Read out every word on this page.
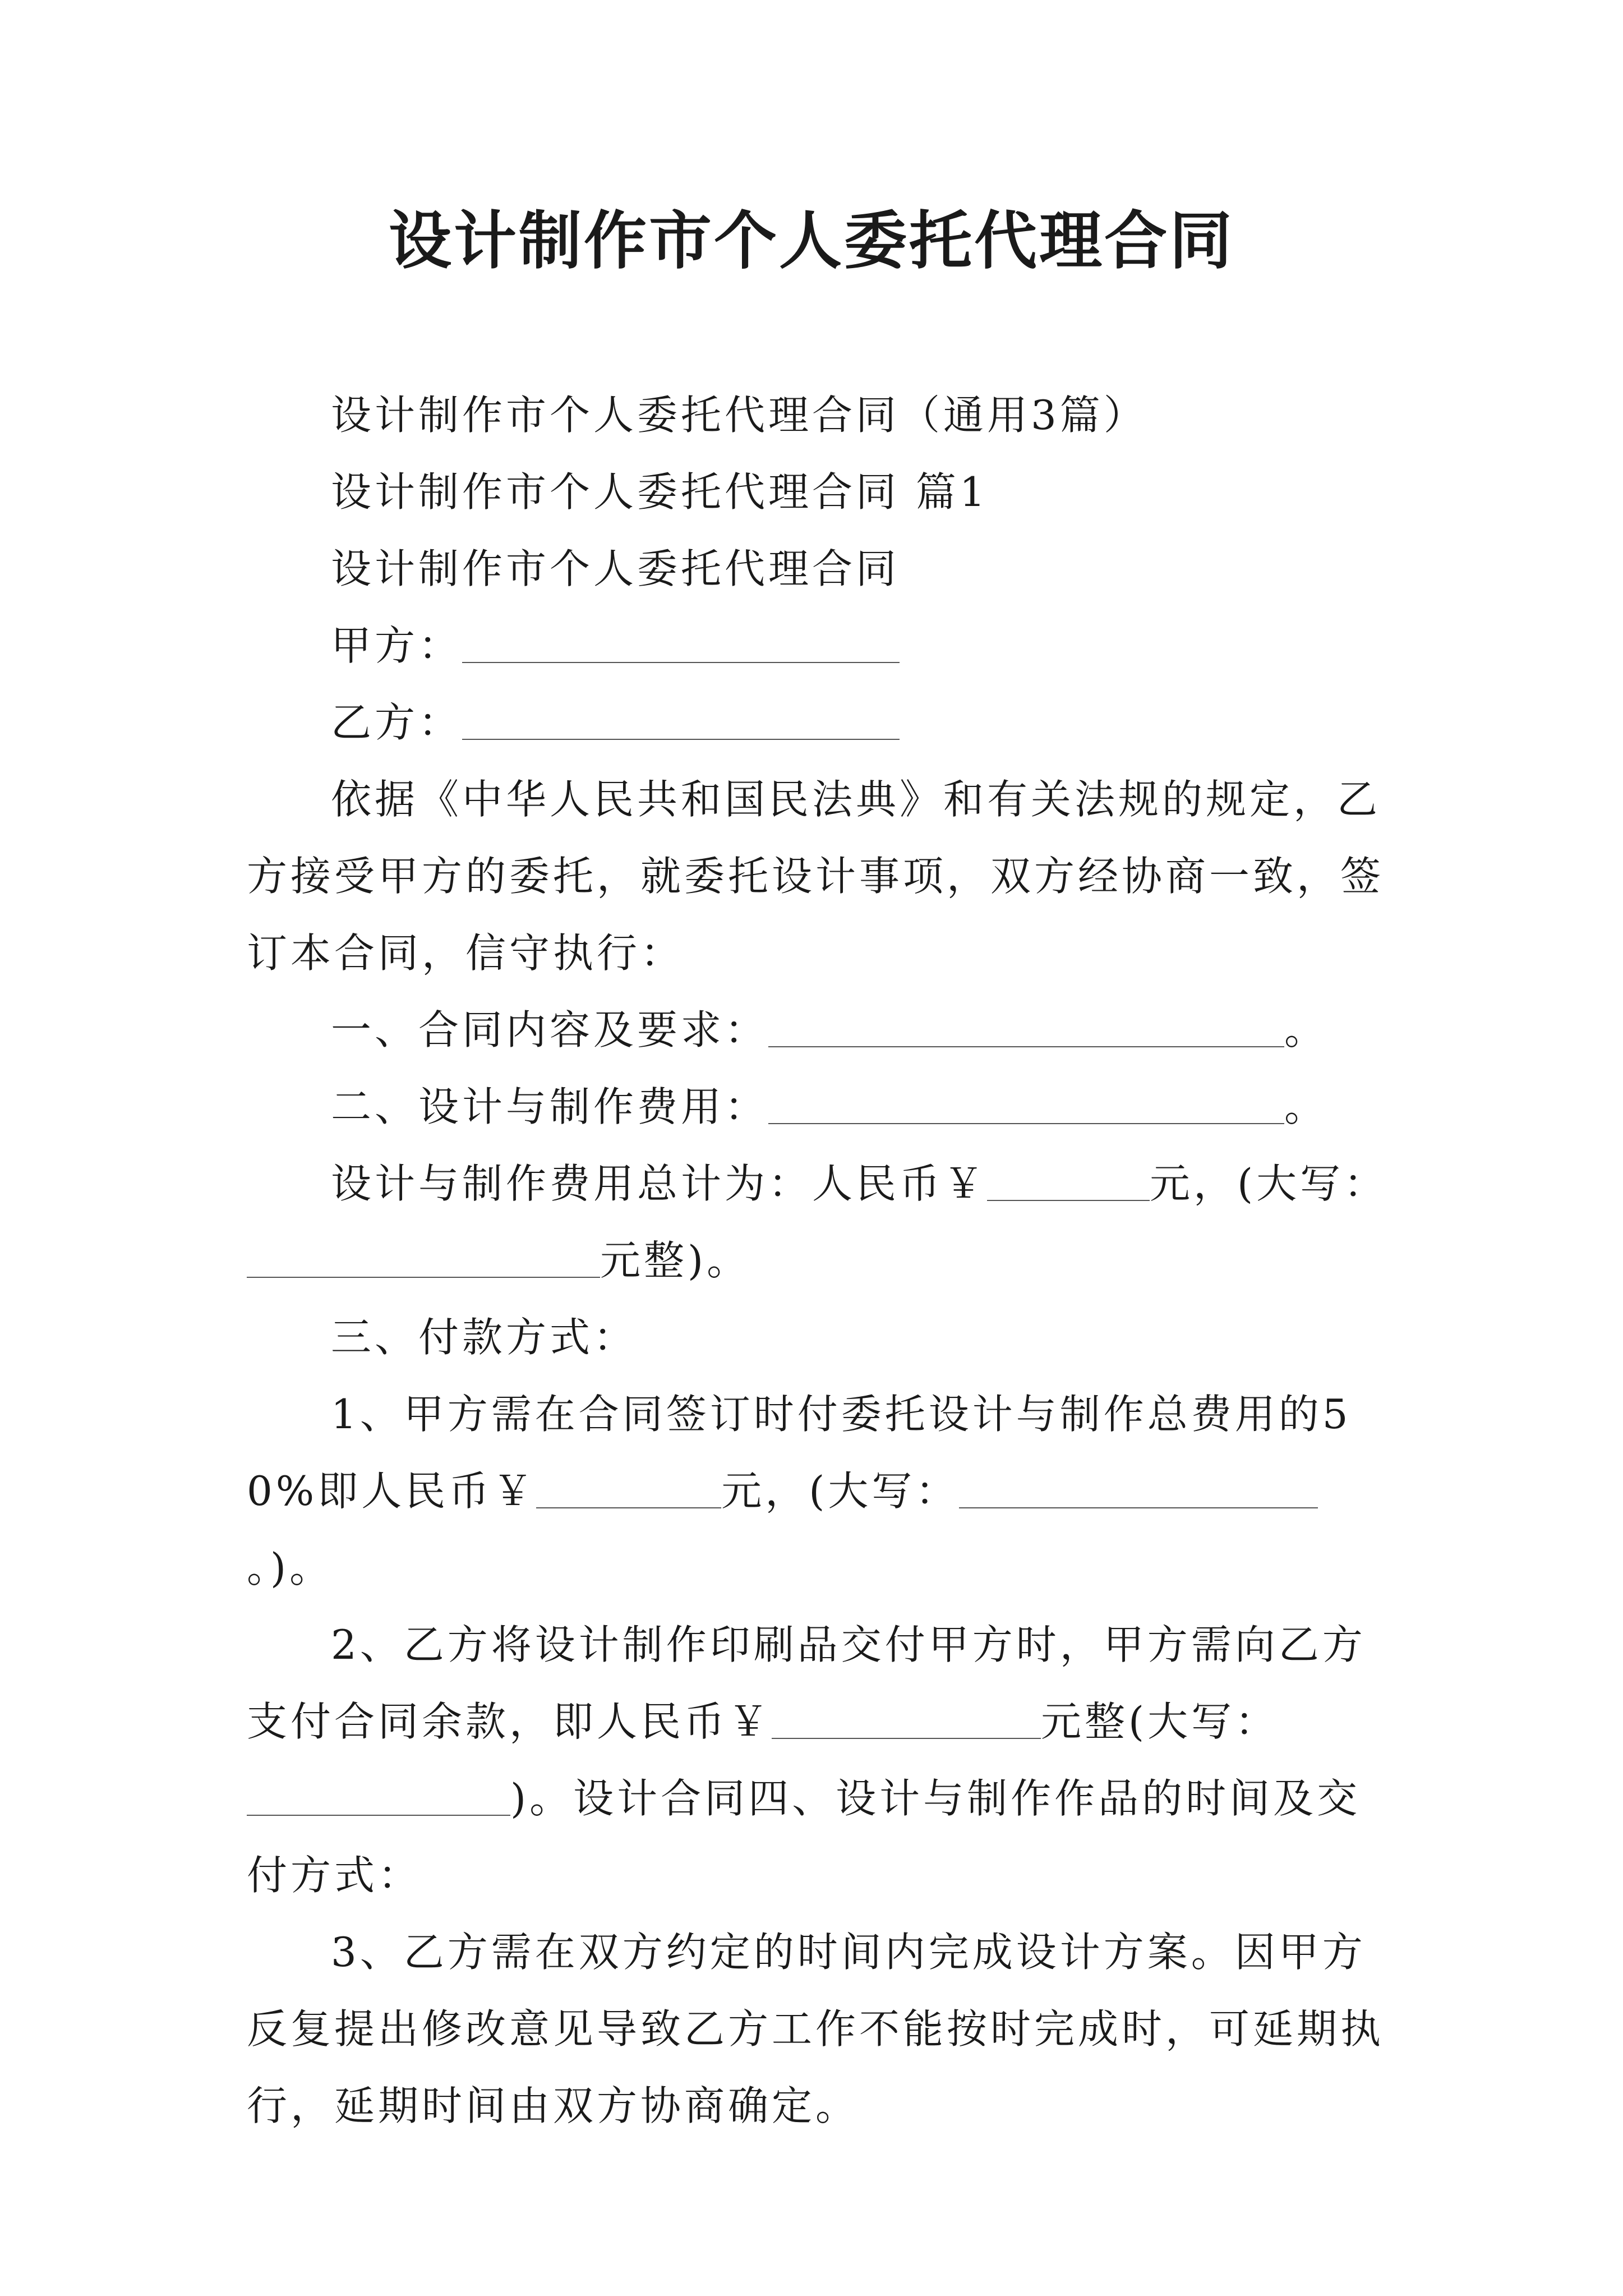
设计制作市个人委托代理合同

设计制作市个人委托代理合同（通用3篇）

设计制作市个人委托代理合同 篇1

设计制作市个人委托代理合同

甲方：

乙方：

依据《中华人民共和国民法典》和有关法规的规定，乙方接受甲方的委托，就委托设计事项，双方经协商一致，签订本合同，信守执行：

一、合同内容及要求：	。

二、设计与制作费用：	。

设计与制作费用总计为：人民币￥	元，(大写：元整)。

三、付款方式：

1、甲方需在合同签订时付委托设计与制作总费用的50%即人民币￥	元，(大写：。)。

2、乙方将设计制作印刷品交付甲方时，甲方需向乙方支付合同余款，即人民币￥	元整(大写：)。设计合同四、设计与制作作品的时间及交付方式：

3、乙方需在双方约定的时间内完成设计方案。因甲方反复提出修改意见导致乙方工作不能按时完成时，可延期执行，延期时间由双方协商确定。
